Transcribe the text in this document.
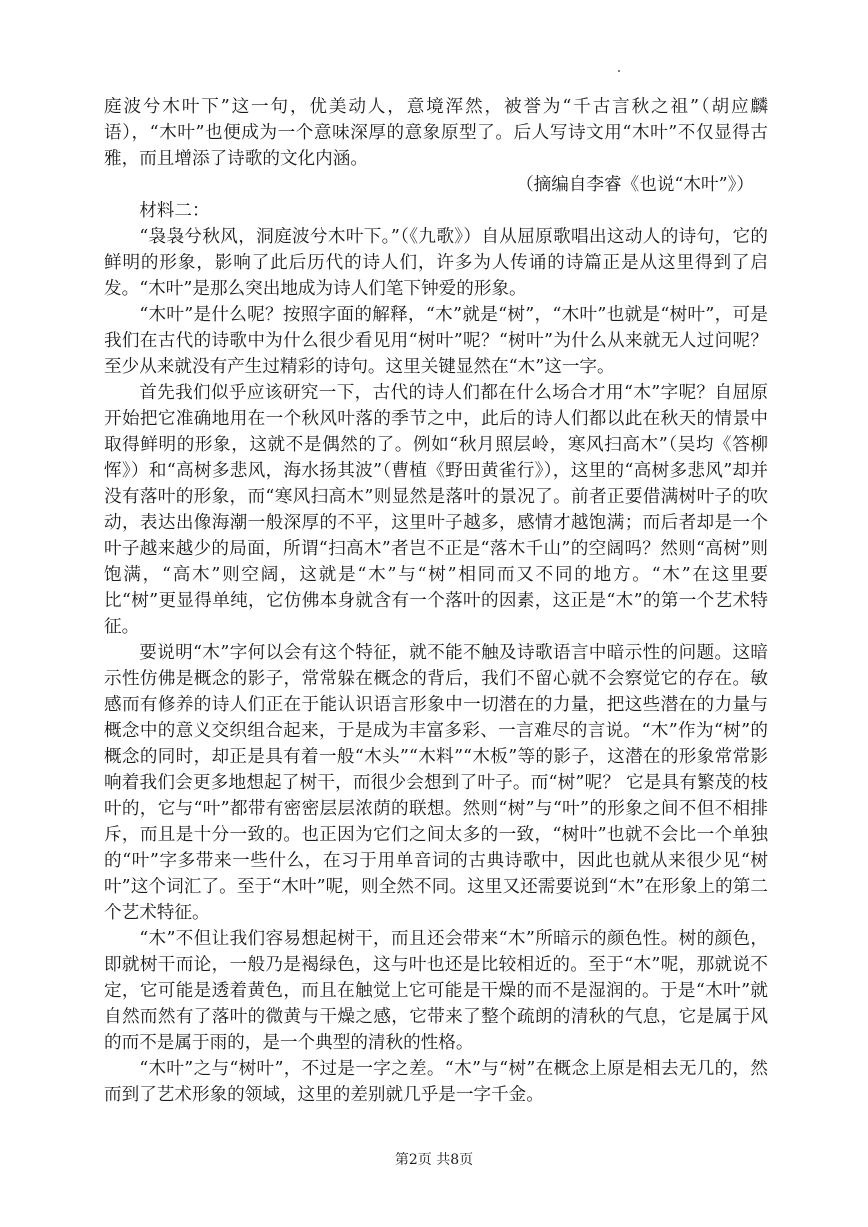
庭波兮木叶下”这一句，优美动人，意境浑然，被誉为“千古言秋之祖”（胡应麟语），“木叶”也便成为一个意味深厚的意象原型了。后人写诗文用“木叶”不仅显得古雅，而且增添了诗歌的文化内涵。

（摘编自李睿《也说“木叶”》）

材料二：

“袅袅兮秋风，洞庭波兮木叶下。”（《九歌》）自从屈原歌唱出这动人的诗句，它的鲜明的形象，影响了此后历代的诗人们，许多为人传诵的诗篇正是从这里得到了启发。“木叶”是那么突出地成为诗人们笔下钟爱的形象。

“木叶”是什么呢？按照字面的解释，“木”就是“树”，“木叶”也就是“树叶”，可是我们在古代的诗歌中为什么很少看见用“树叶”呢？“树叶”为什么从来就无人过问呢？至少从来就没有产生过精彩的诗句。这里关键显然在“木”这一字。

首先我们似乎应该研究一下，古代的诗人们都在什么场合才用“木”字呢？自屈原开始把它准确地用在一个秋风叶落的季节之中，此后的诗人们都以此在秋天的情景中取得鲜明的形象，这就不是偶然的了。例如“秋月照层岭，寒风扫高木”（吴均《答柳恽》）和“高树多悲风，海水扬其波”（曹植《野田黄雀行》），这里的“高树多悲风”却并没有落叶的形象，而“寒风扫高木”则显然是落叶的景况了。前者正要借满树叶子的吹动，表达出像海潮一般深厚的不平，这里叶子越多，感情才越饱满；而后者却是一个叶子越来越少的局面，所谓“扫高木”者岂不正是“落木千山”的空阔吗？然则“高树”则饱满，“高木”则空阔，这就是“木”与“树”相同而又不同的地方。“木”在这里要比“树”更显得单纯，它仿佛本身就含有一个落叶的因素，这正是“木”的第一个艺术特征。

要说明“木”字何以会有这个特征，就不能不触及诗歌语言中暗示性的问题。这暗示性仿佛是概念的影子，常常躲在概念的背后，我们不留心就不会察觉它的存在。敏感而有修养的诗人们正在于能认识语言形象中一切潜在的力量，把这些潜在的力量与概念中的意义交织组合起来，于是成为丰富多彩、一言难尽的言说。“木”作为“树”的概念的同时，却正是具有着一般“木头”“木料”“木板”等的影子，这潜在的形象常常影响着我们会更多地想起了树干，而很少会想到了叶子。而“树”呢？ 它是具有繁茂的枝叶的，它与“叶”都带有密密层层浓荫的联想。然则“树”与“叶”的形象之间不但不相排斥，而且是十分一致的。也正因为它们之间太多的一致，“树叶”也就不会比一个单独 的“叶”字多带来一些什么，在习于用单音词的古典诗歌中，因此也就从来很少见“树叶”这个词汇了。至于“木叶”呢，则全然不同。这里又还需要说到“木”在形象上的第二个艺术特征。

“木”不但让我们容易想起树干，而且还会带来“木”所暗示的颜色性。树的颜色，即就树干而论，一般乃是褐绿色，这与叶也还是比较相近的。至于“木”呢，那就说不定，它可能是透着黄色，而且在触觉上它可能是干燥的而不是湿润的。于是“木叶”就自然而然有了落叶的微黄与干燥之感，它带来了整个疏朗的清秋的气息，它是属于风的而不是属于雨的，是一个典型的清秋的性格。

“木叶”之与“树叶”，不过是一字之差。“木”与“树”在概念上原是相去无几的，然而到了艺术形象的领域，这里的差别就几乎是一字千金。

第2页 共8页
